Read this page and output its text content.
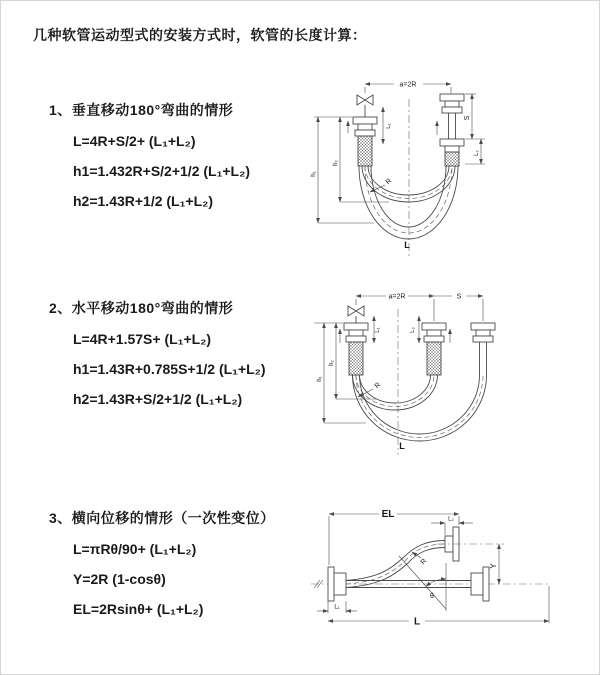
几种软管运动型式的安装方式时，软管的长度计算：

1、垂直移动180°弯曲的情形

L=4R+S/2+ (L₁+L₂)

h1=1.432R+S/2+1/2 (L₁+L₂)

h2=1.43R+1/2 (L₁+L₂)

2、水平移动180°弯曲的情形

L=4R+1.57S+ (L₁+L₂)

h1=1.43R+0.785S+1/2 (L₁+L₂)

h2=1.43R+S/2+1/2 (L₁+L₂)

3、横向位移的情形（一次性变位）

L=πRθ/90+ (L₁+L₂)

Y=2R (1-cosθ)

EL=2Rsinθ+ (L₁+L₂)

a=2R
L₁
S
L₂
h₂
h₁
R
L
a=2R	S
L₁	L₂
h₂
h₁
R
L
EL	L₂
θ
R	Y
L₁
L
